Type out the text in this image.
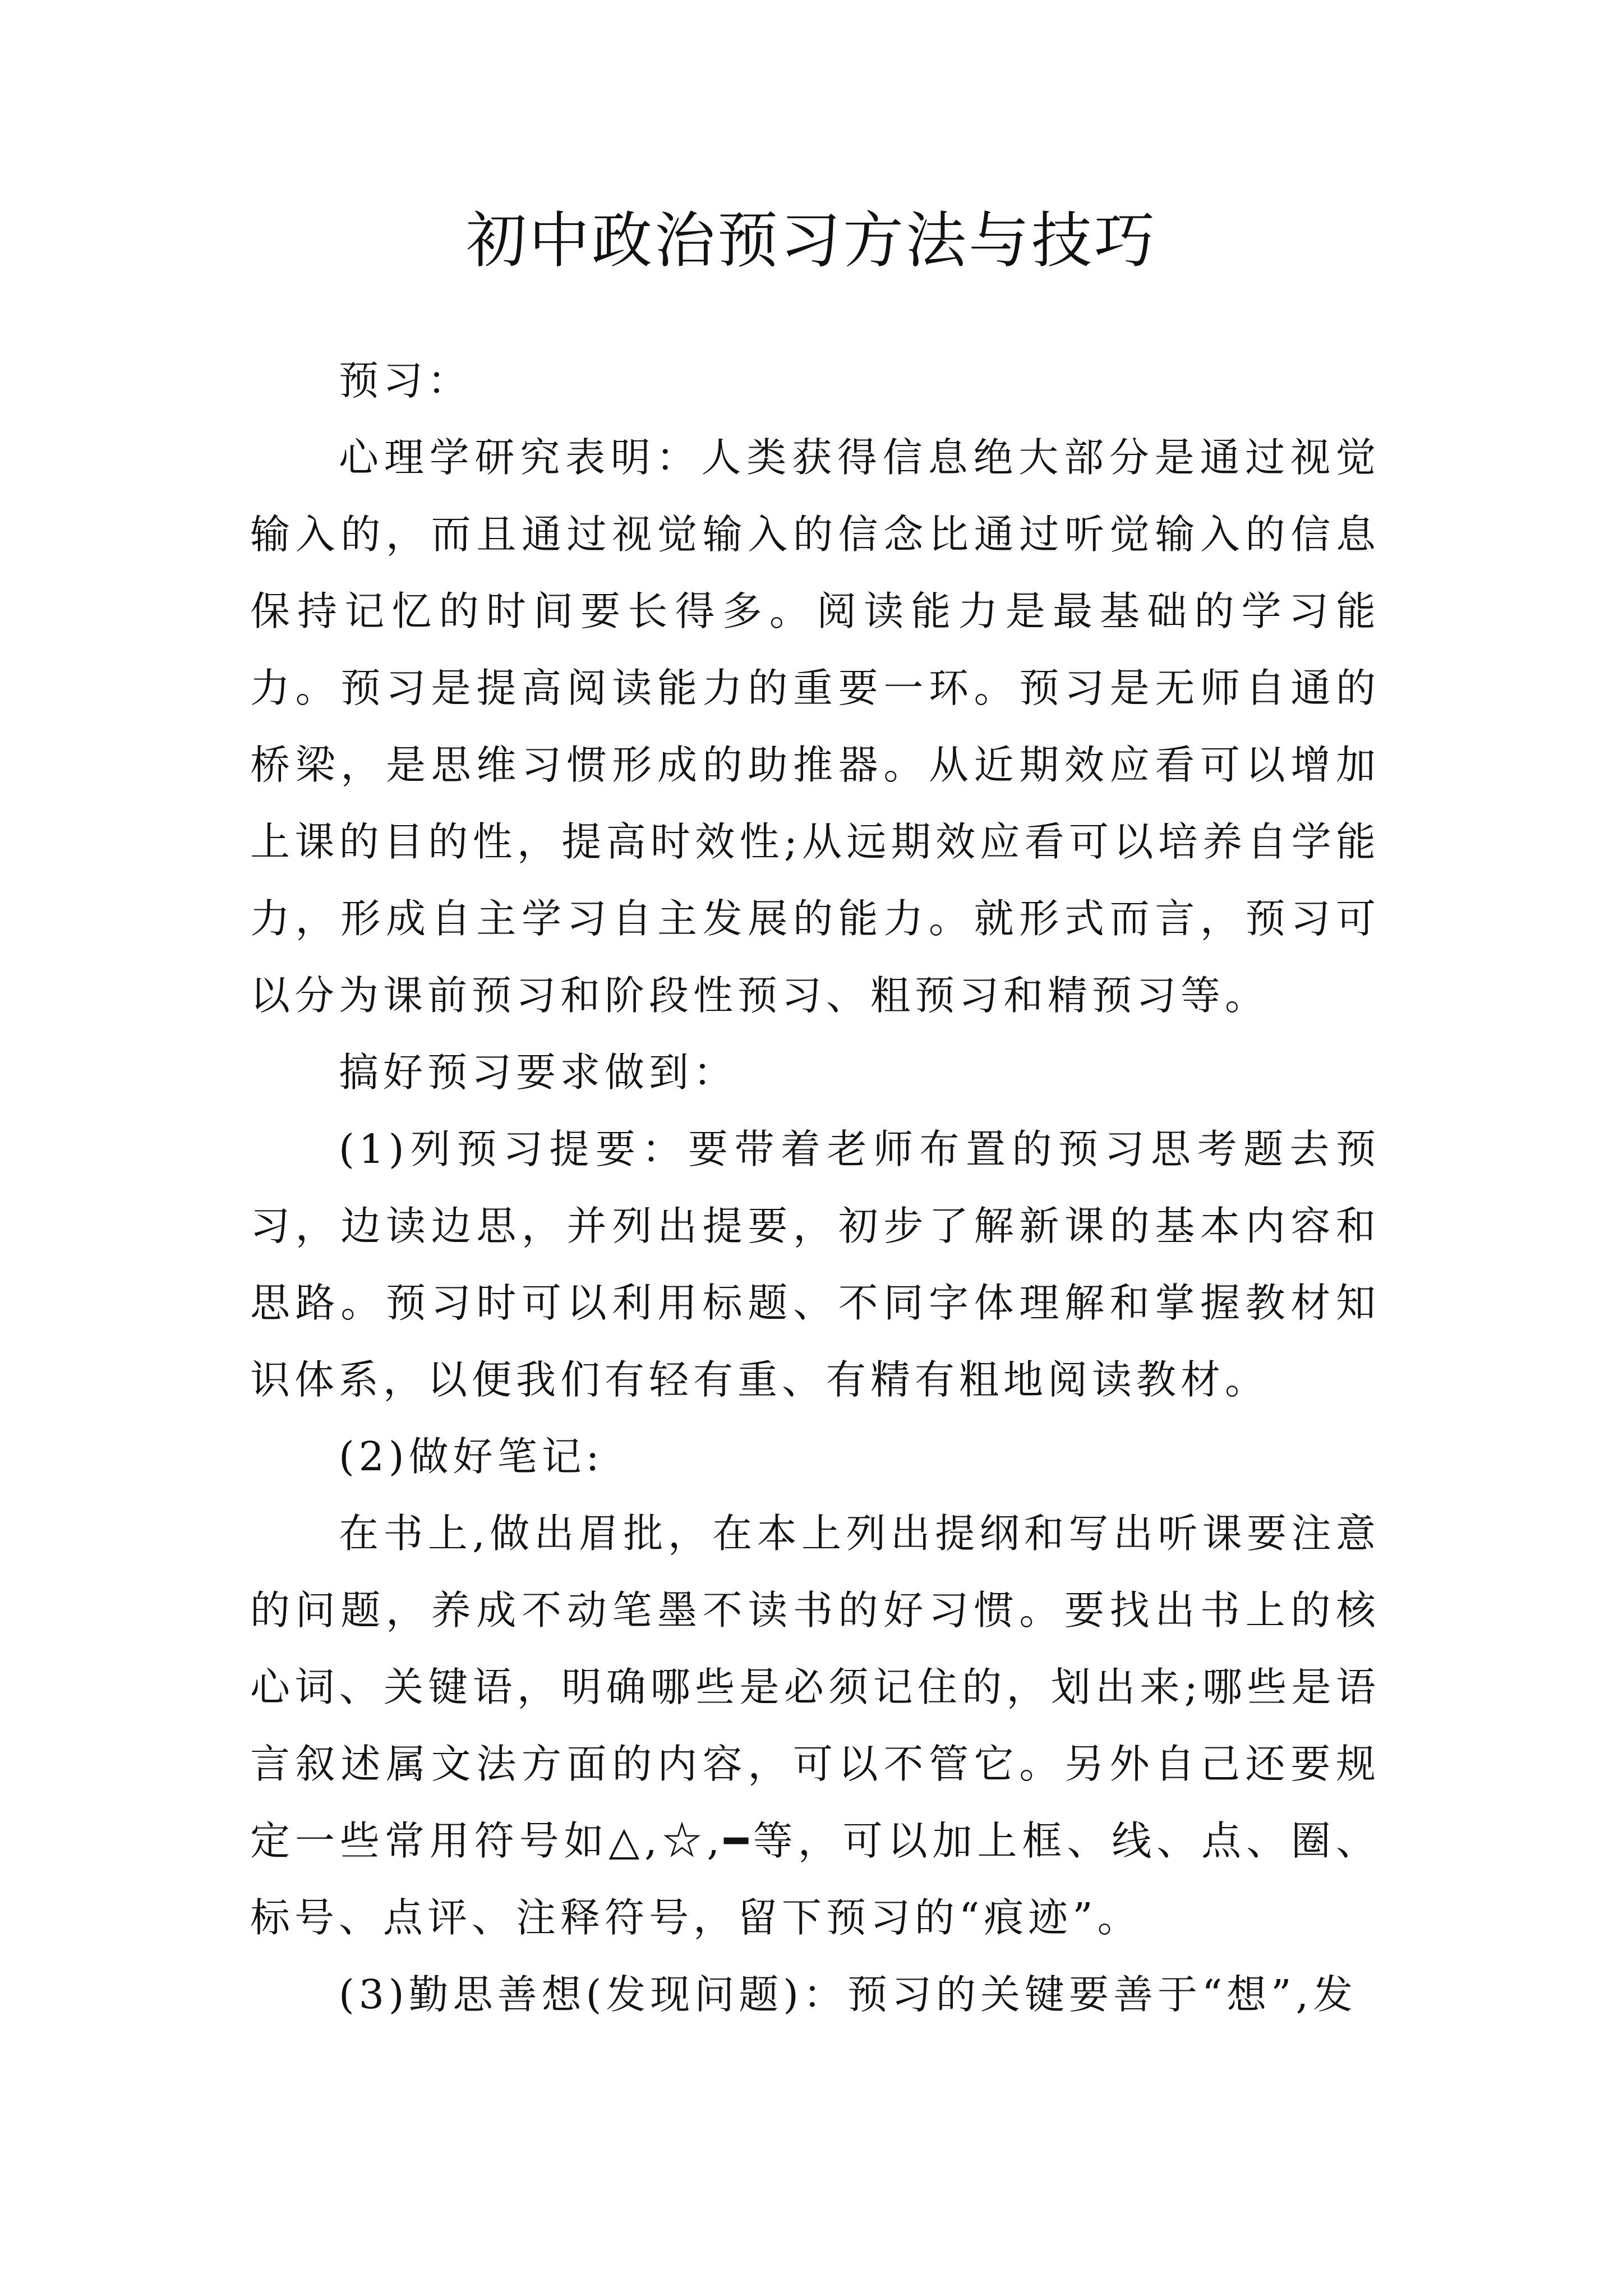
初中政治预习方法与技巧

预习：

心理学研究表明：人类获得信息绝大部分是通过视觉输入的，而且通过视觉输入的信念比通过听觉输入的信息保持记忆的时间要长得多。阅读能力是最基础的学习能力。预习是提高阅读能力的重要一环。预习是无师自通的桥梁，是思维习惯形成的助推器。从近期效应看可以增加上课的目的性，提高时效性;从远期效应看可以培养自学能力，形成自主学习自主发展的能力。就形式而言，预习可以分为课前预习和阶段性预习、粗预习和精预习等。

搞好预习要求做到：

(1)列预习提要：要带着老师布置的预习思考题去预习，边读边思，并列出提要，初步了解新课的基本内容和思路。预习时可以利用标题、不同字体理解和掌握教材知识体系，以便我们有轻有重、有精有粗地阅读教材。

(2)做好笔记:

在书上,做出眉批，在本上列出提纲和写出听课要注意的问题，养成不动笔墨不读书的好习惯。要找出书上的核心词、关键语，明确哪些是必须记住的，划出来;哪些是语言叙述属文法方面的内容，可以不管它。另外自己还要规定一些常用符号如△,☆,━等，可以加上框、线、点、圈、标号、点评、注释符号，留下预习的“痕迹”。

(3)勤思善想(发现问题)：预习的关键要善于“想”,发
